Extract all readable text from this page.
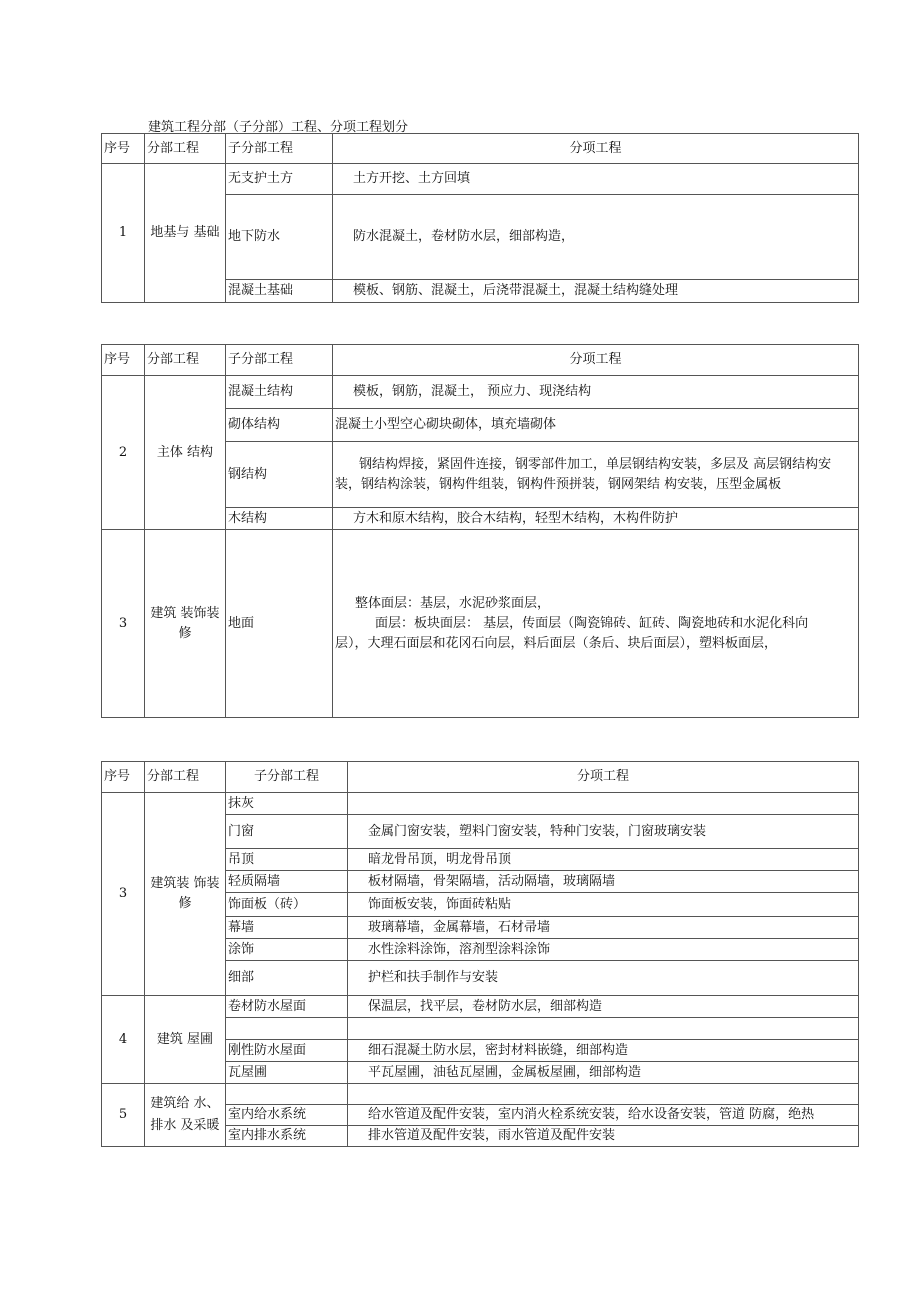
建筑工程分部（子分部）工程、分项工程划分
序号	分部工程	子分部工程	分项工程
1	地基与 基础	无支护土方	土方开挖、土方回填
		地下防水	防水混凝土，卷材防水层，细部构造，
		混凝土基础	模板、钢筋、混凝土，后浇带混凝土，混凝土结构缝处理
序号	分部工程	子分部工程	分项工程
2	主体 结构	混凝土结构	模板，钢筋，混凝土， 预应力、现浇结构
		砌体结构	混凝土小型空心砌块砌体，填充墙砌体
		钢结构	钢结构焊接，紧固件连接，钢零部件加工，单层钢结构安装，多层及 高层钢结构安装，钢结构涂装，钢构件组装，钢构件预拼装，钢网架结 构安装，压型金属板
		木结构	方木和原木结构，胶合木结构，轻型木结构，木构件防护
3	建筑 装饰装修	地面	整体面层：基层，水泥砂浆面层，
面层：板块面层： 基层，传面层（陶瓷锦砖、缸砖、陶瓷地砖和水泥化科向层），大理石面层和花冈石向层，料后面层（条后、块后面层），塑料板面层，
序号	分部工程	子分部工程	分项工程
3	建筑装 饰装修	抹灰	
		门窗	金属门窗安装，塑料门窗安装，特种门安装，门窗玻璃安装
		吊顶	暗龙骨吊顶，明龙骨吊顶
		轻质隔墙	板材隔墙，骨架隔墙，活动隔墙，玻璃隔墙
		饰面板（砖）	饰面板安装，饰面砖粘贴
		幕墙	玻璃幕墙，金属幕墙，石材帚墙
		涂饰	水性涂料涂饰，溶剂型涂料涂饰
		细部	护栏和扶手制作与安装
4	建筑 屋圃	卷材防水屋面	保温层，找平层，卷材防水层，细部构造

		刚性防水屋面	细石混凝土防水层，密封材料嵌缝，细部构造
		瓦屋圃	平瓦屋圃，油毡瓦屋圃，金属板屋圃，细部构造
5	建筑给 水、排水 及采暖		
		室内给水系统	给水管道及配件安装，室内消火栓系统安装，给水设备安装，管道 防腐，绝热
		室内排水系统	排水管道及配件安装，雨水管道及配件安装
